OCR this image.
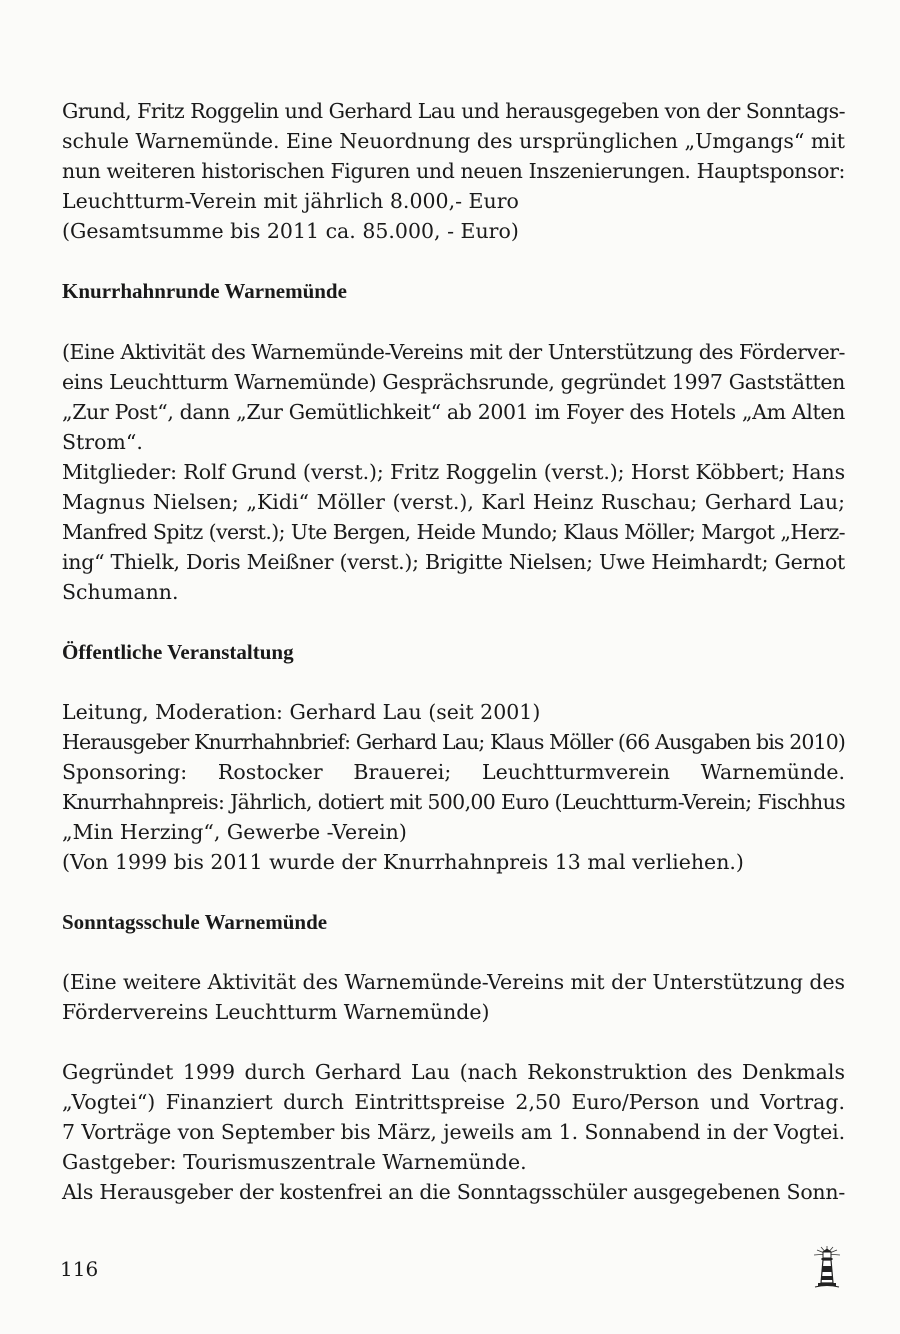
Grund, Fritz Roggelin und Gerhard Lau und herausgegeben von der Sonntags-
schule Warnemünde. Eine Neuordnung des ursprünglichen „Umgangs“ mit
nun weiteren historischen Figuren und neuen Inszenierungen. Hauptsponsor:
Leuchtturm-Verein mit jährlich 8.000,- Euro
(Gesamtsumme bis 2011 ca. 85.000, - Euro)

Knurrhahnrunde Warnemünde

(Eine Aktivität des Warnemünde-Vereins mit der Unterstützung des Förderver-
eins Leuchtturm Warnemünde) Gesprächsrunde, gegründet 1997 Gaststätten
„Zur Post“, dann „Zur Gemütlichkeit“ ab 2001 im Foyer des Hotels „Am Alten
Strom“.

Mitglieder: Rolf Grund (verst.); Fritz Roggelin (verst.); Horst Köbbert; Hans
Magnus Nielsen; „Kidi“ Möller (verst.), Karl Heinz Ruschau; Gerhard Lau;
Manfred Spitz (verst.); Ute Bergen, Heide Mundo; Klaus Möller; Margot „Herz-
ing“ Thielk, Doris Meißner (verst.); Brigitte Nielsen; Uwe Heimhardt; Gernot
Schumann.

Öffentliche Veranstaltung

Leitung, Moderation: Gerhard Lau (seit 2001)
Herausgeber Knurrhahnbrief: Gerhard Lau; Klaus Möller (66 Ausgaben bis 2010)
Sponsoring: Rostocker Brauerei; Leuchtturmverein Warnemünde.
Knurrhahnpreis: Jährlich, dotiert mit 500,00 Euro (Leuchtturm-Verein; Fischhus
„Min Herzing“, Gewerbe -Verein)
(Von 1999 bis 2011 wurde der Knurrhahnpreis 13 mal verliehen.)

Sonntagsschule Warnemünde

(Eine weitere Aktivität des Warnemünde-Vereins mit der Unterstützung des
Fördervereins Leuchtturm Warnemünde)

Gegründet 1999 durch Gerhard Lau (nach Rekonstruktion des Denkmals
„Vogtei“) Finanziert durch Eintrittspreise 2,50 Euro/Person und Vortrag.
7 Vorträge von September bis März, jeweils am 1. Sonnabend in der Vogtei.
Gastgeber: Tourismuszentrale Warnemünde.
Als Herausgeber der kostenfrei an die Sonntagsschüler ausgegebenen Sonn-

116
